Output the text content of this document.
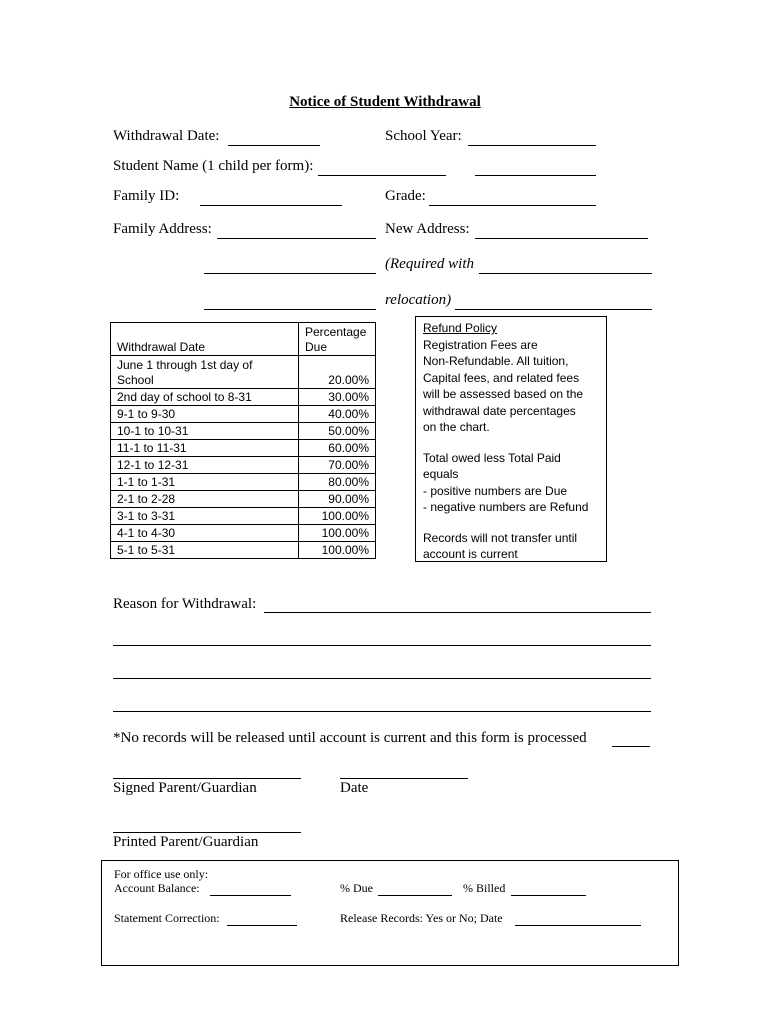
Notice of Student Withdrawal
Withdrawal Date:	School Year:
Student Name (1 child per form):
Family ID:	Grade:
Family Address:	New Address:
(Required with
relocation)
Withdrawal Date	Percentage
Due
June 1 through 1st day of
School	20.00%
2nd day of school to 8-31	30.00%
9-1 to 9-30	40.00%
10-1 to 10-31	50.00%
11-1 to 11-31	60.00%
12-1 to 12-31	70.00%
1-1 to 1-31	80.00%
2-1 to 2-28	90.00%
3-1 to 3-31	100.00%
4-1 to 4-30	100.00%
5-1 to 5-31	100.00%
Refund Policy
Registration Fees are
Non-Refundable. All tuition,
Capital fees, and related fees
will be assessed based on the
withdrawal date percentages
on the chart.
Total owed less Total Paid
equals
- positive numbers are Due
- negative numbers are Refund
Records will not transfer until
account is current
Reason for Withdrawal:
*No records will be released until account is current and this form is processed
Signed Parent/Guardian	Date
Printed Parent/Guardian
For office use only:
Account Balance:	% Due	% Billed
Statement Correction:	Release Records: Yes or No; Date
